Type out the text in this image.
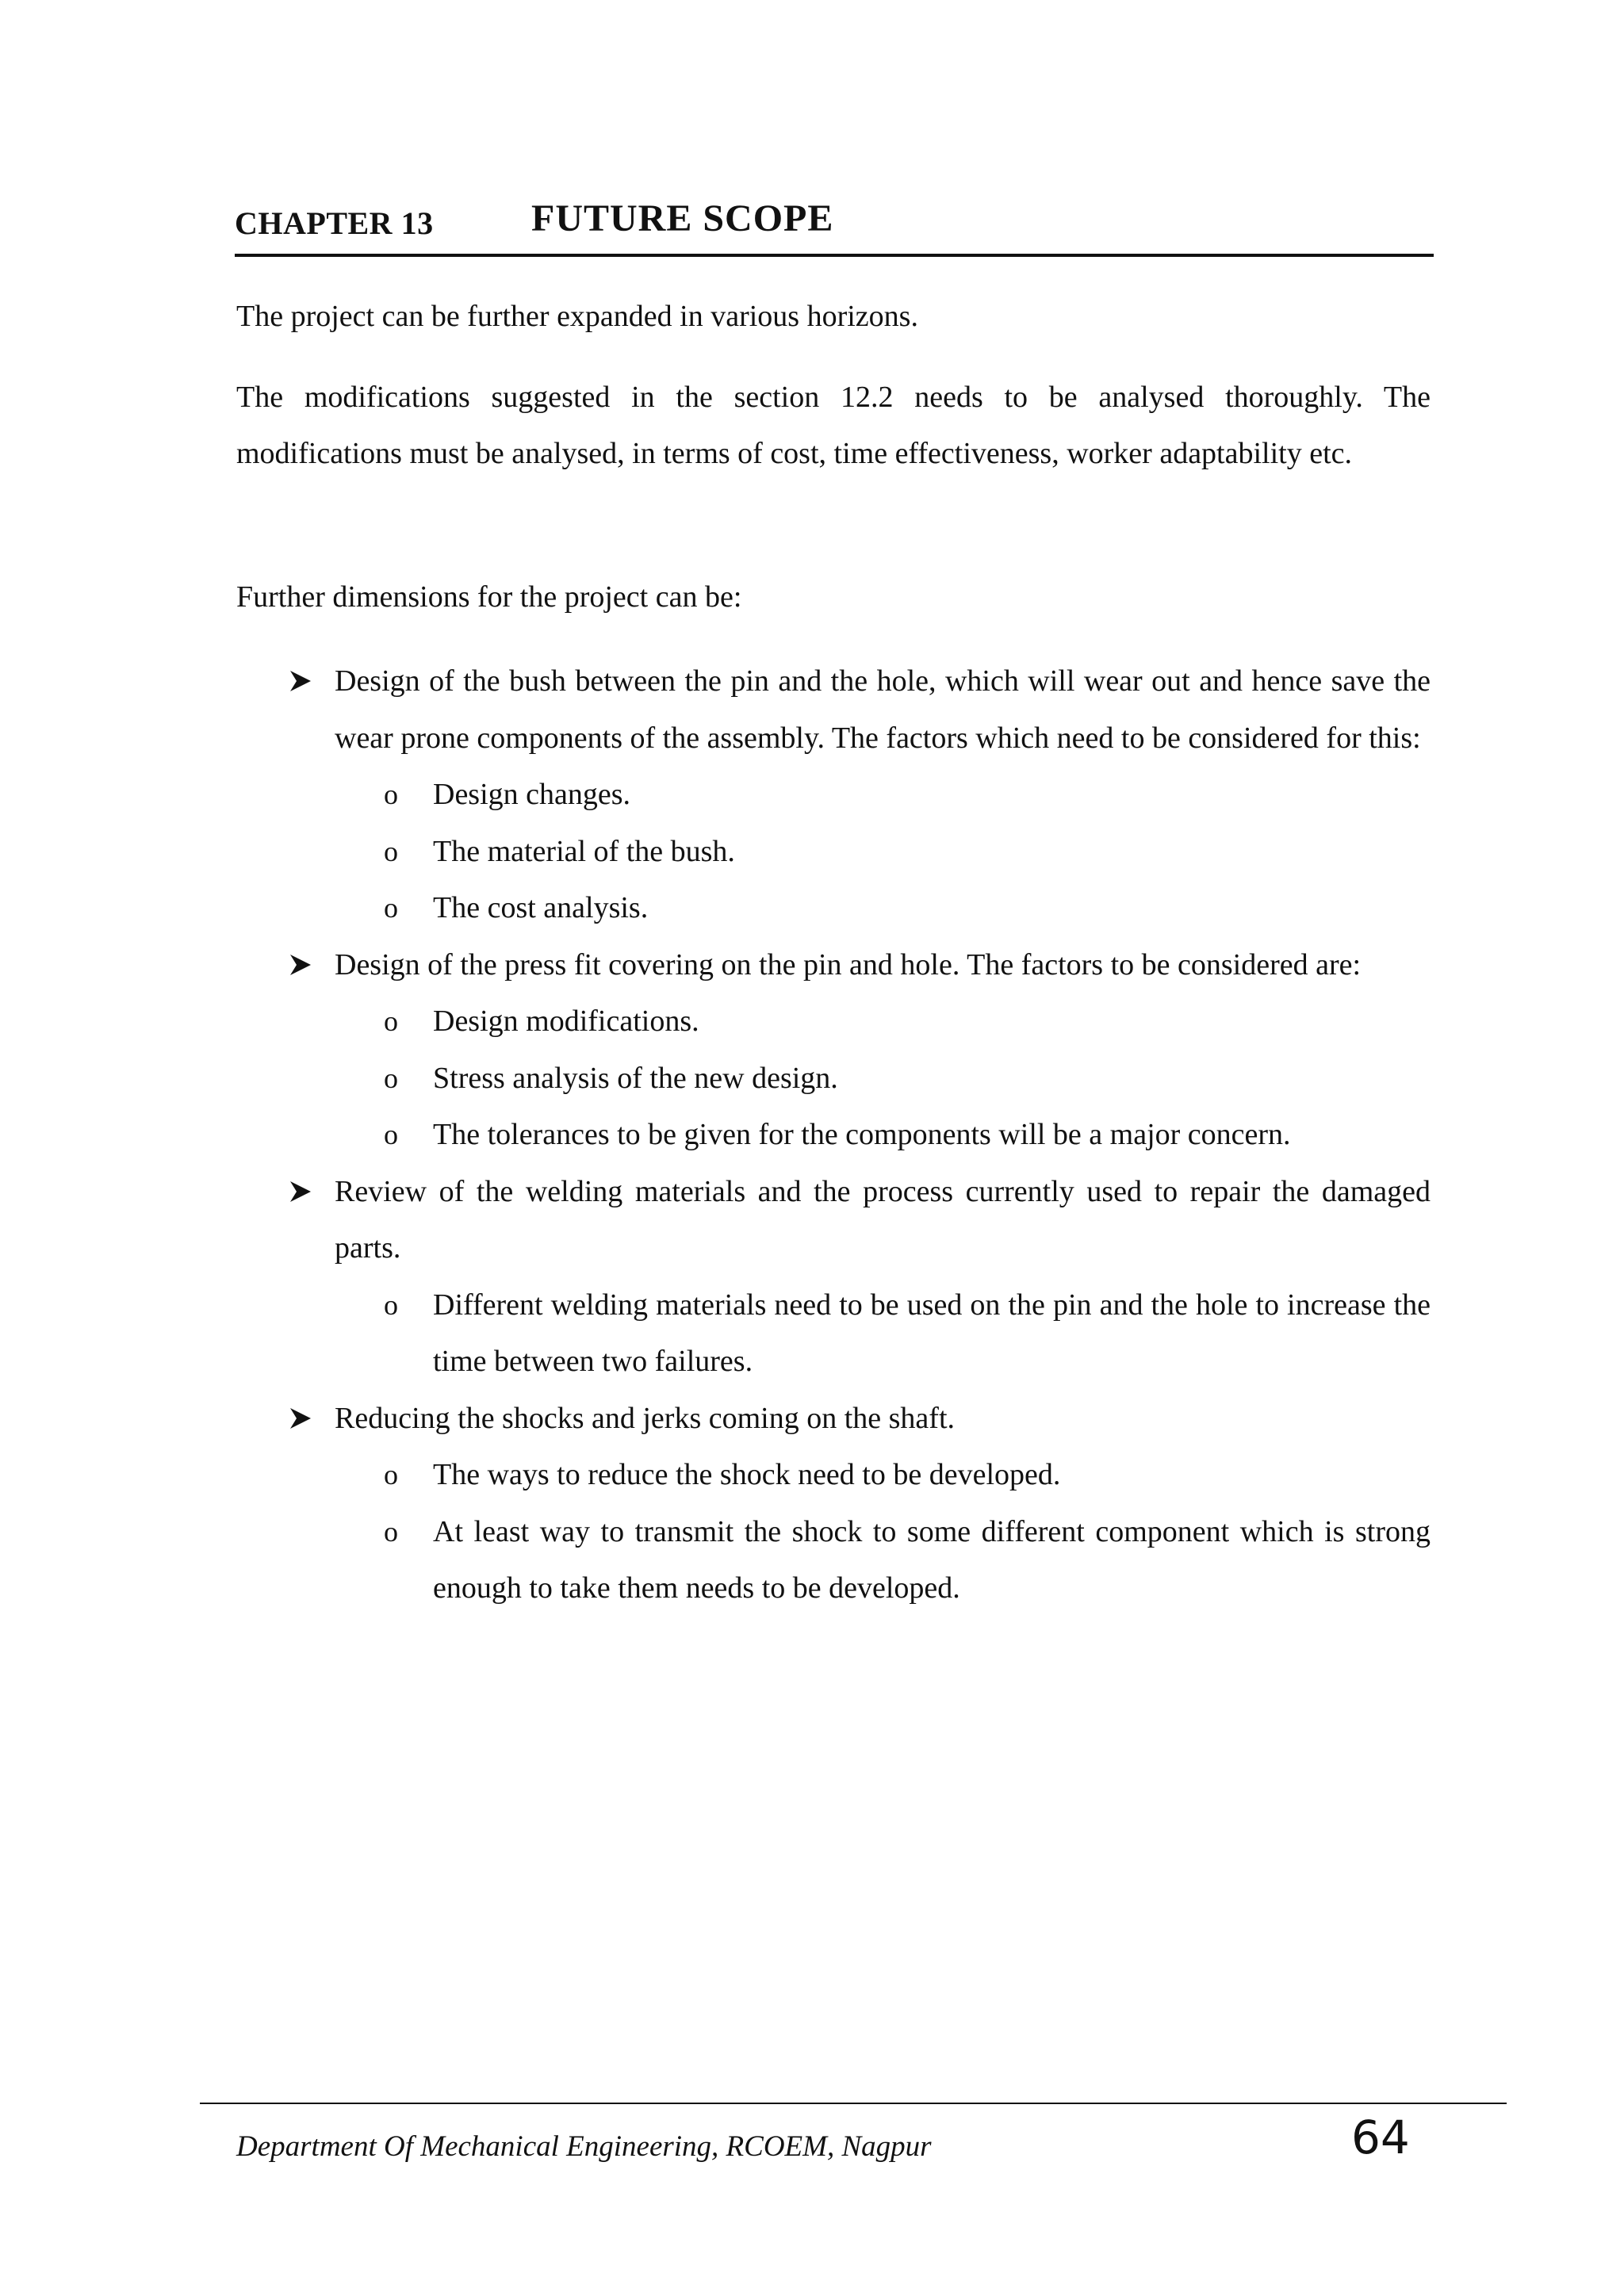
CHAPTER 13	FUTURE SCOPE
The project can be further expanded in various horizons.
The modifications suggested in the section 12.2 needs to be analysed thoroughly. The modifications must be analysed, in terms of cost, time effectiveness, worker adaptability etc.
Further dimensions for the project can be:
Design of the bush between the pin and the hole, which will wear out and hence save the wear prone components of the assembly. The factors which need to be considered for this:
o Design changes.
o The material of the bush.
o The cost analysis.
Design of the press fit covering on the pin and hole. The factors to be considered are:
o Design modifications.
o Stress analysis of the new design.
o The tolerances to be given for the components will be a major concern.
Review of the welding materials and the process currently used to repair the damaged parts.
o Different welding materials need to be used on the pin and the hole to increase the time between two failures.
Reducing the shocks and jerks coming on the shaft.
o The ways to reduce the shock need to be developed.
o At least way to transmit the shock to some different component which is strong enough to take them needs to be developed.
Department Of Mechanical Engineering, RCOEM, Nagpur	64
